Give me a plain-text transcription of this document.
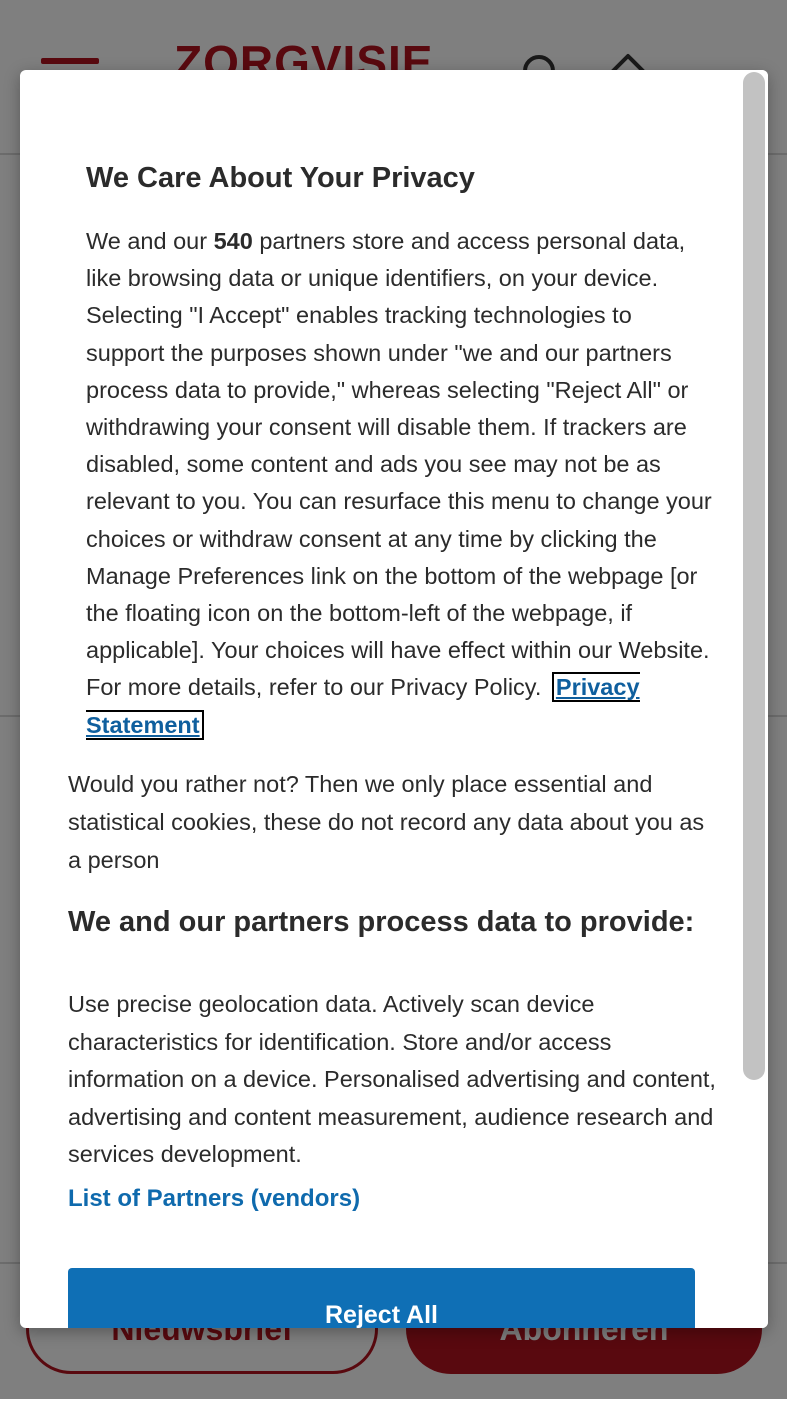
We Care About Your Privacy
We and our 540 partners store and access personal data, like browsing data or unique identifiers, on your device. Selecting "I Accept" enables tracking technologies to support the purposes shown under "we and our partners process data to provide," whereas selecting "Reject All" or withdrawing your consent will disable them. If trackers are disabled, some content and ads you see may not be as relevant to you. You can resurface this menu to change your choices or withdraw consent at any time by clicking the Manage Preferences link on the bottom of the webpage [or the floating icon on the bottom-left of the webpage, if applicable]. Your choices will have effect within our Website. For more details, refer to our Privacy Policy. Privacy Statement
Would you rather not? Then we only place essential and statistical cookies, these do not record any data about you as a person
We and our partners process data to provide:
Use precise geolocation data. Actively scan device characteristics for identification. Store and/or access information on a device. Personalised advertising and content, advertising and content measurement, audience research and services development.
List of Partners (vendors)
Reject All
